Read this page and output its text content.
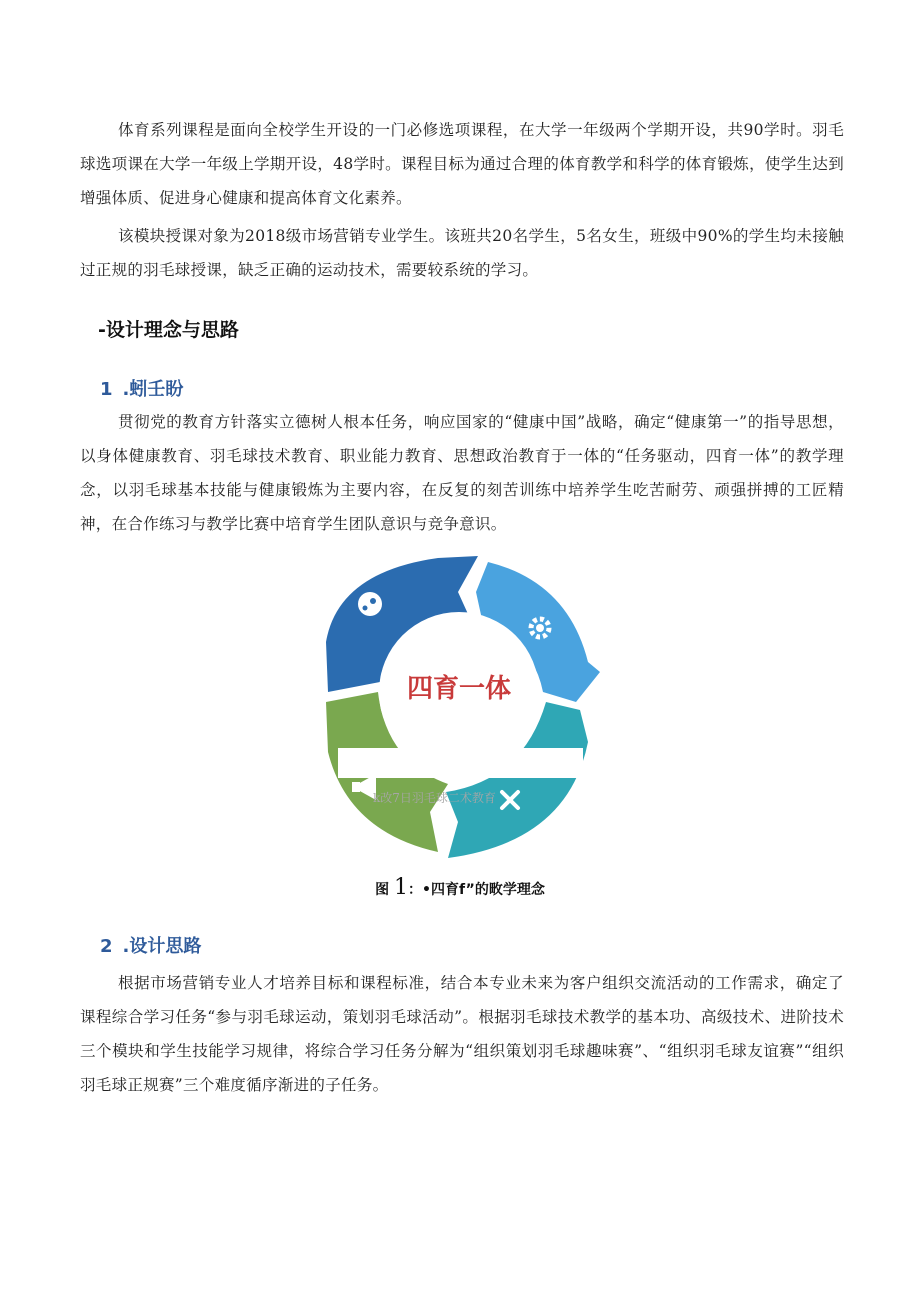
体育系列课程是面向全校学生开设的一门必修选项课程，在大学一年级两个学期开设，共90学时。羽毛球选项课在大学一年级上学期开设，48学时。课程目标为通过合理的体育教学和科学的体育锻炼，使学生达到增强体质、促进身心健康和提高体育文化素养。

该模块授课对象为2018级市场营销专业学生。该班共20名学生，5名女生，班级中90%的学生均未接触过正规的羽毛球授课，缺乏正确的运动技术，需要较系统的学习。

-设计理念与思路
1 .蚓壬盼

贯彻党的教育方针落实立德树人根本任务，响应国家的“健康中国”战略，确定“健康第一”的指导思想，以身体健康教育、羽毛球技术教育、职业能力教育、思想政治教育于一体的“任务驱动，四育一体”的教学理念，以羽毛球基本技能与健康锻炼为主要内容，在反复的刻苦训练中培养学生吃苦耐劳、顽强拼搏的工匠精神，在合作练习与教学比赛中培育学生团队意识与竞争意识。

四育一体
k改7日羽毛球二术教育
图 1：•四育f”的畋学理念
2 .设计思路

根据市场营销专业人才培养目标和课程标准，结合本专业未来为客户组织交流活动的工作需求，确定了课程综合学习任务“参与羽毛球运动，策划羽毛球活动”。根据羽毛球技术教学的基本功、高级技术、进阶技术三个模块和学生技能学习规律，将综合学习任务分解为“组织策划羽毛球趣味赛”、“组织羽毛球友谊赛”“组织羽毛球正规赛”三个难度循序渐进的子任务。
